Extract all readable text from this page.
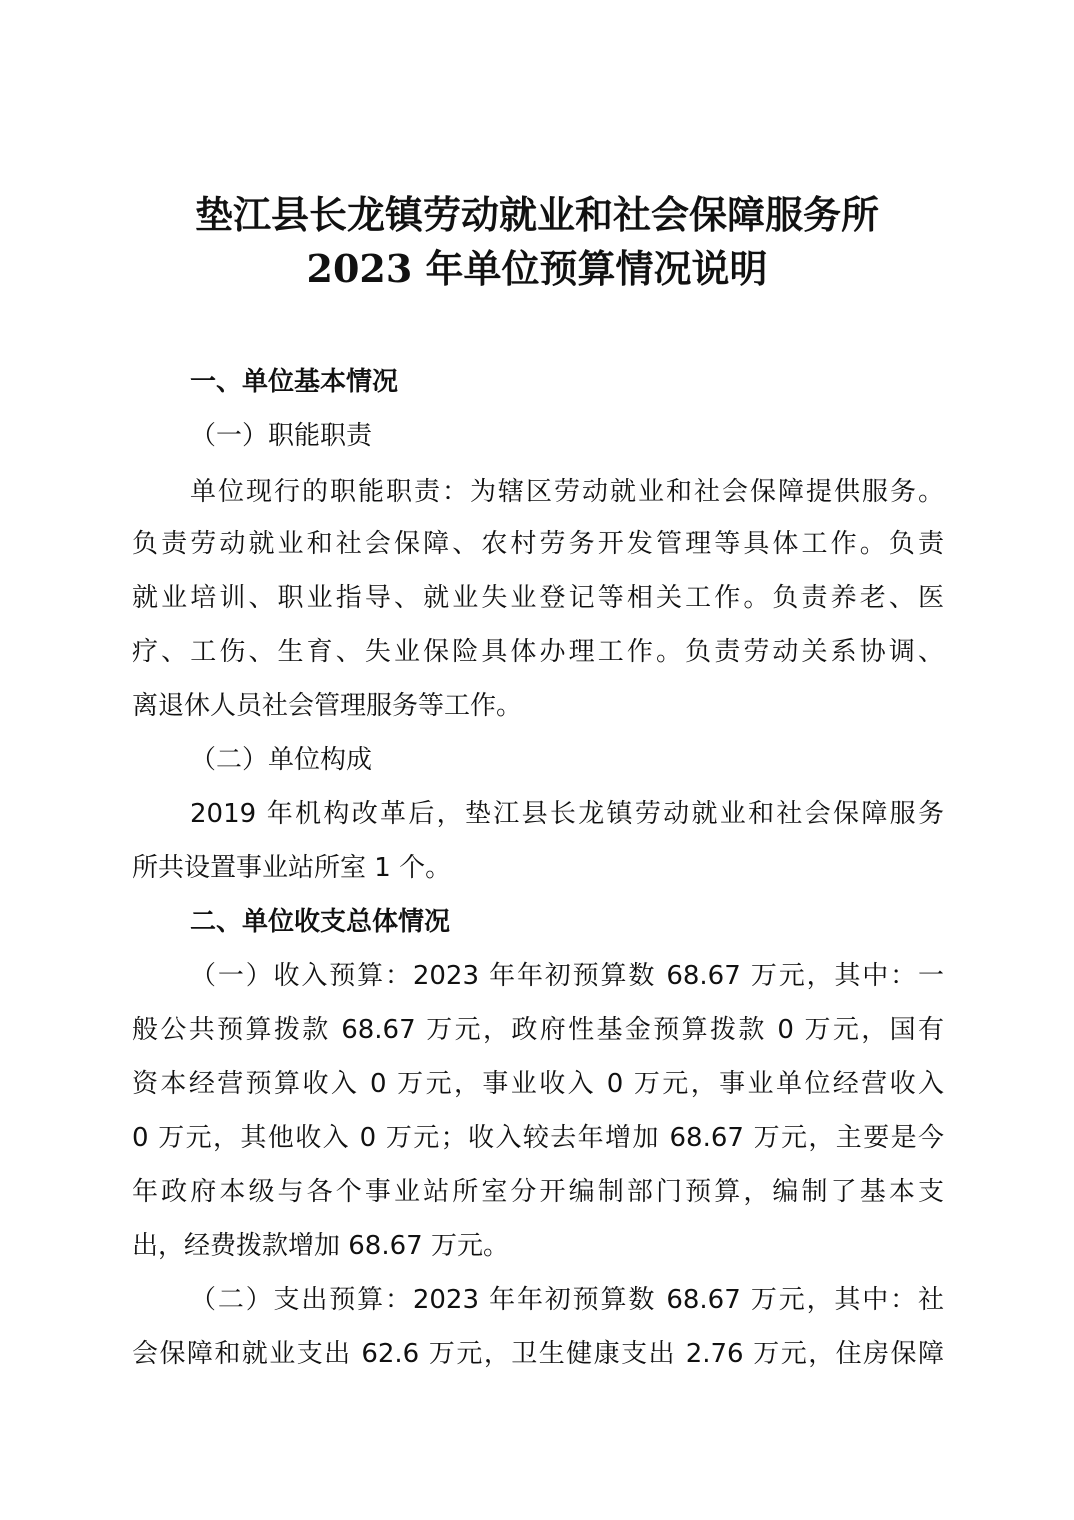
垫江县长龙镇劳动就业和社会保障服务所
2023 年单位预算情况说明
一、单位基本情况
（一）职能职责
单位现行的职能职责：为辖区劳动就业和社会保障提供服务。
负责劳动就业和社会保障、农村劳务开发管理等具体工作。负责
就业培训、职业指导、就业失业登记等相关工作。负责养老、医
疗、工伤、生育、失业保险具体办理工作。负责劳动关系协调、
离退休人员社会管理服务等工作。
（二）单位构成
2019 年机构改革后，垫江县长龙镇劳动就业和社会保障服务
所共设置事业站所室 1 个。
二、单位收支总体情况
（一）收入预算：2023 年年初预算数 68.67 万元，其中：一
般公共预算拨款 68.67 万元，政府性基金预算拨款 0 万元，国有
资本经营预算收入 0 万元，事业收入 0 万元，事业单位经营收入
0 万元，其他收入 0 万元；收入较去年增加 68.67 万元，主要是今
年政府本级与各个事业站所室分开编制部门预算，编制了基本支
出，经费拨款增加 68.67 万元。
（二）支出预算：2023 年年初预算数 68.67 万元，其中：社
会保障和就业支出 62.6 万元，卫生健康支出 2.76 万元，住房保障
